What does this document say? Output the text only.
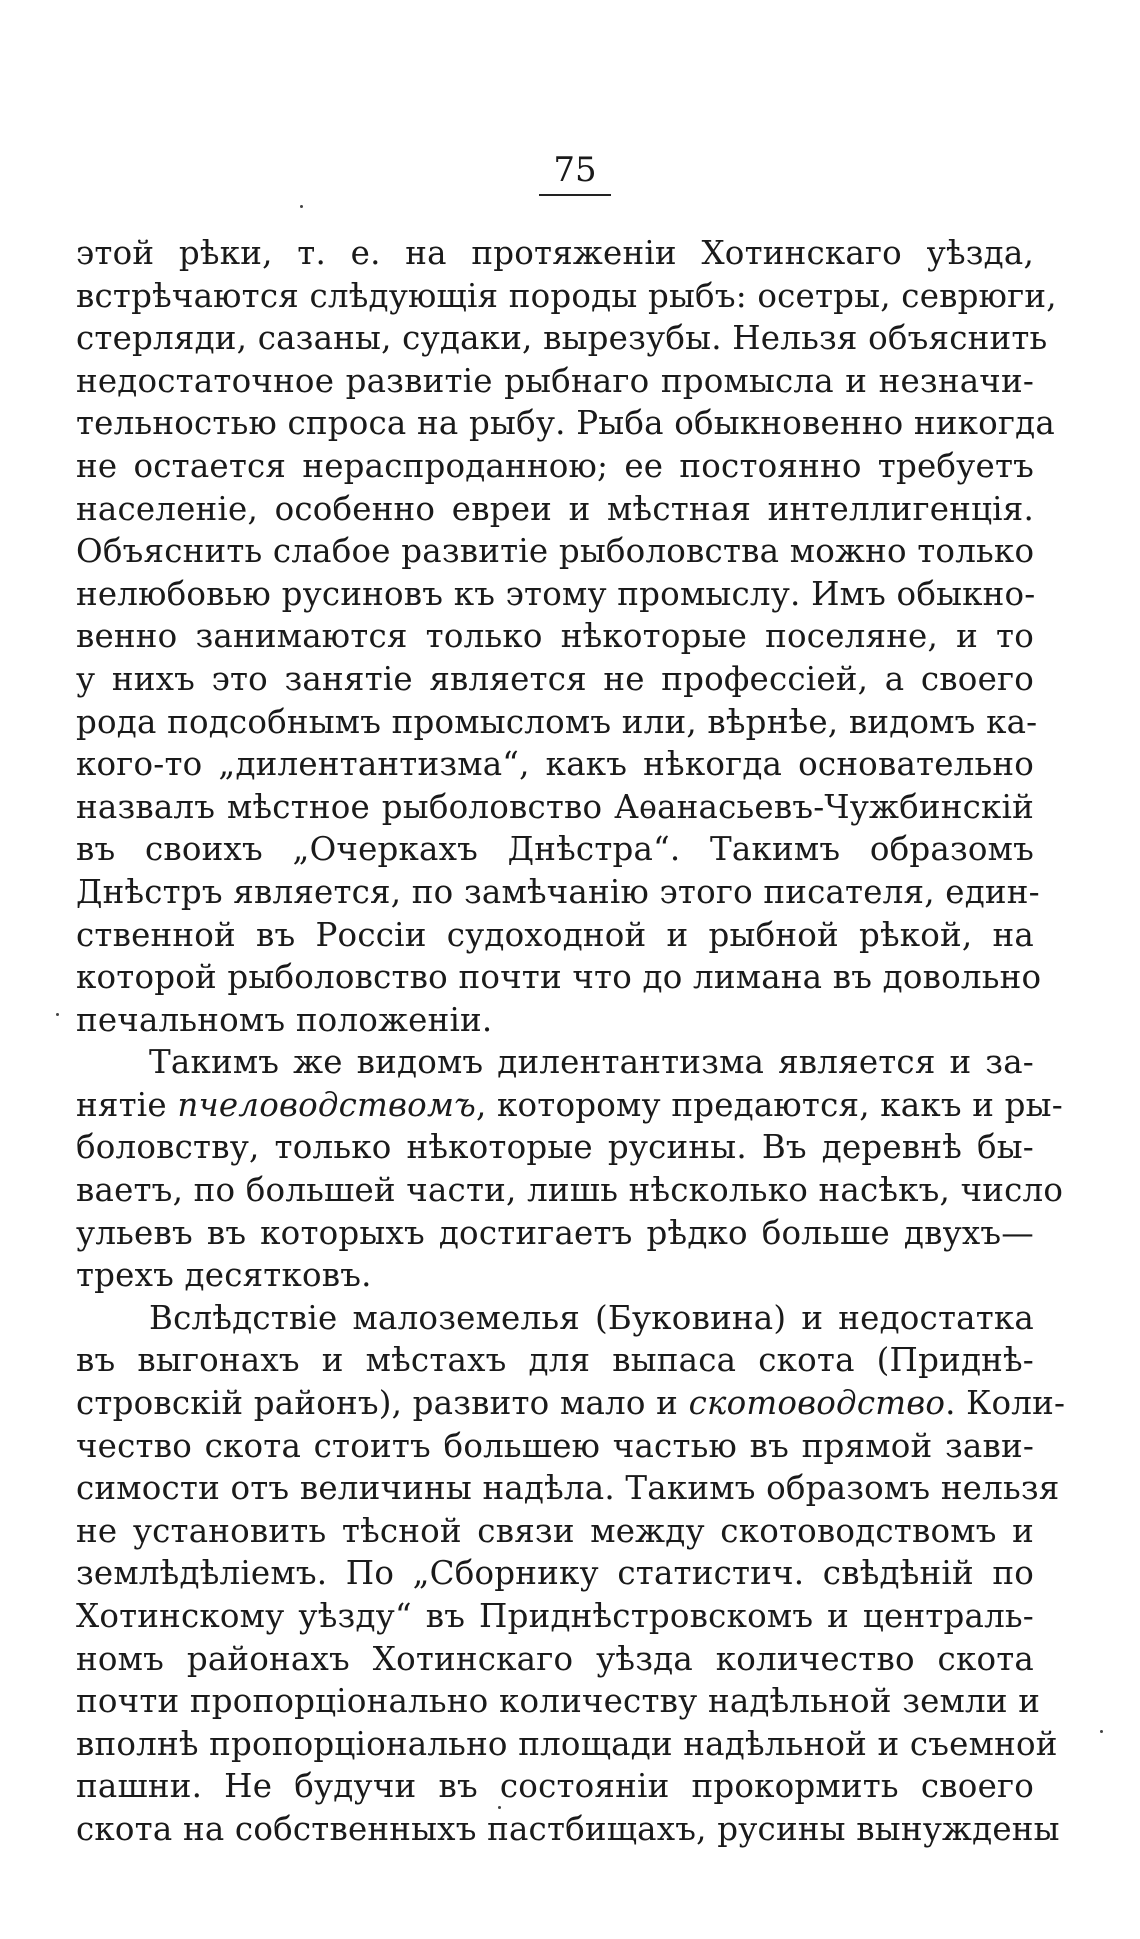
75
этой рѣки, т. е. на протяженіи Хотинскаго уѣзда,
встрѣчаются слѣдующія породы рыбъ: осетры, севрюги,
стерляди, сазаны, судаки, вырезубы. Нельзя объяснить
недостаточное развитіе рыбнаго промысла и незначи-
тельностью спроса на рыбу. Рыба обыкновенно никогда
не остается нераспроданною; ее постоянно требуетъ
населеніе, особенно евреи и мѣстная интеллигенція.
Объяснить слабое развитіе рыболовства можно только
нелюбовью русиновъ къ этому промыслу. Имъ обыкно-
венно занимаются только нѣкоторые поселяне, и то
у нихъ это занятіе является не профессіей, а своего
рода подсобнымъ промысломъ или, вѣрнѣе, видомъ ка-
кого-то „дилентантизма“, какъ нѣкогда основательно
назвалъ мѣстное рыболовство Аѳанасьевъ-Чужбинскій
въ своихъ „Очеркахъ Днѣстра“. Такимъ образомъ
Днѣстръ является, по замѣчанію этого писателя, един-
ственной въ Россіи судоходной и рыбной рѣкой, на
которой рыболовство почти что до лимана въ довольно
печальномъ положеніи.
Такимъ же видомъ дилентантизма является и за-
нятіе пчеловодствомъ, которому предаются, какъ и ры-
боловству, только нѣкоторые русины. Въ деревнѣ бы-
ваетъ, по большей части, лишь нѣсколько насѣкъ, число
ульевъ въ которыхъ достигаетъ рѣдко больше двухъ—
трехъ десятковъ.
Вслѣдствіе малоземелья (Буковина) и недостатка
въ выгонахъ и мѣстахъ для выпаса скота (Приднѣ-
стровскій районъ), развито мало и скотоводство. Коли-
чество скота стоитъ большею частью въ прямой зави-
симости отъ величины надѣла. Такимъ образомъ нельзя
не установить тѣсной связи между скотоводствомъ и
землѣдѣліемъ. По „Сборнику статистич. свѣдѣній по
Хотинскому уѣзду“ въ Приднѣстровскомъ и централь-
номъ районахъ Хотинскаго уѣзда количество скота
почти пропорціонально количеству надѣльной земли и
вполнѣ пропорціонально площади надѣльной и съемной
пашни. Не будучи въ состояніи прокормить своего
скота на собственныхъ пастбищахъ, русины вынуждены
